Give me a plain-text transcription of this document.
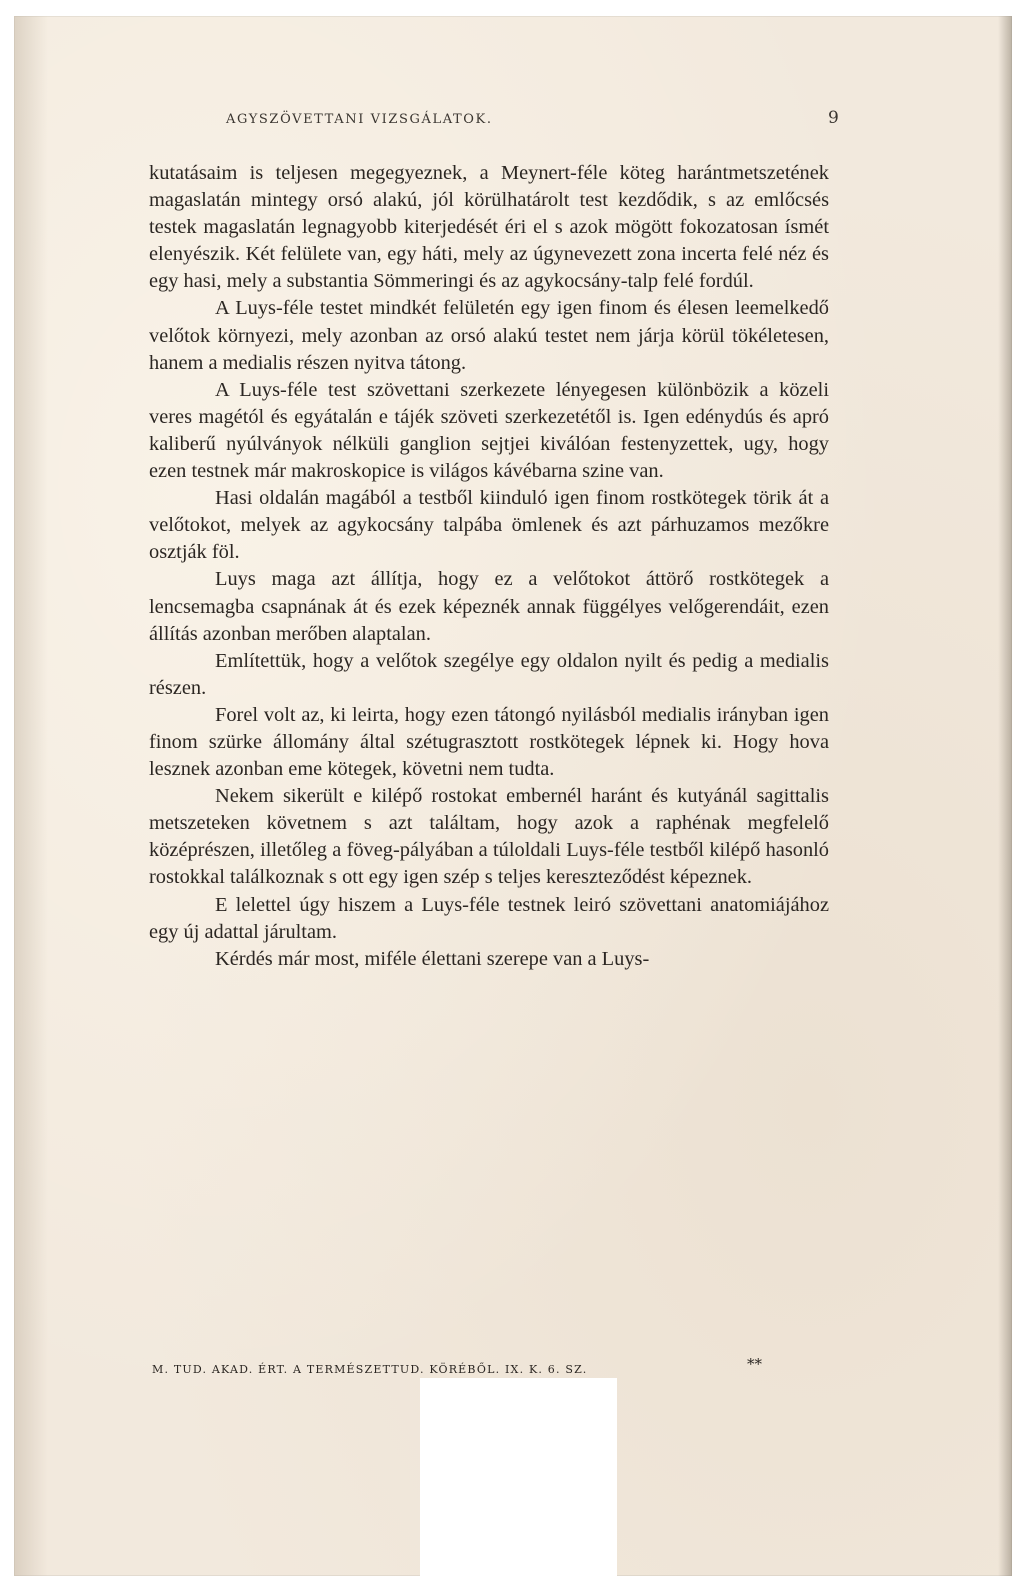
AGYSZÖVETTANI VIZSGÁLATOK.	9

kutatásaim is teljesen megegyeznek, a Meynert-féle köteg harántmetszetének magaslatán mintegy orsó alakú, jól körülhatárolt test kezdődik, s az emlőcsés testek magaslatán legnagyobb kiterjedését éri el s azok mögött fokozatosan ísmét elenyészik. Két felülete van, egy háti, mely az úgynevezett zona incerta felé néz és egy hasi, mely a substantia Sömmeringi és az agykocsány-talp felé fordúl.

A Luys-féle testet mindkét felületén egy igen finom és élesen leemelkedő velőtok környezi, mely azonban az orsó alakú testet nem járja körül tökéletesen, hanem a medialis részen nyitva tátong.

A Luys-féle test szövettani szerkezete lényegesen különbözik a közeli veres magétól és egyátalán e tájék szöveti szerkezetétől is. Igen edénydús és apró kaliberű nyúlványok nélküli ganglion sejtjei kiválóan festenyzettek, ugy, hogy ezen testnek már makroskopice is világos kávébarna szine van.

Hasi oldalán magából a testből kiinduló igen finom rostkötegek törik át a velőtokot, melyek az agykocsány talpába ömlenek és azt párhuzamos mezőkre osztják föl.

Luys maga azt állítja, hogy ez a velőtokot áttörő rostkötegek a lencsemagba csapnának át és ezek képeznék annak függélyes velőgerendáit, ezen állítás azonban merőben alaptalan.

Említettük, hogy a velőtok szegélye egy oldalon nyilt és pedig a medialis részen.

Forel volt az, ki leirta, hogy ezen tátongó nyilásból medialis irányban igen finom szürke állomány által szétugrasztott rostkötegek lépnek ki. Hogy hova lesznek azonban eme kötegek, követni nem tudta.

Nekem sikerült e kilépő rostokat embernél haránt és kutyánál sagittalis metszeteken követnem s azt találtam, hogy azok a raphénak megfelelő középrészen, illetőleg a föveg-pályában a túloldali Luys-féle testből kilépő hasonló rostokkal találkoznak s ott egy igen szép s teljes kereszteződést képeznek.

E lelettel úgy hiszem a Luys-féle testnek leiró szövettani anatomiájához egy új adattal járultam.

Kérdés már most, miféle élettani szerepe van a Luys-

M. TUD. AKAD. ÉRT. A TERMÉSZETTUD. KÖRÉBŐL. IX. K. 6. SZ.	**
